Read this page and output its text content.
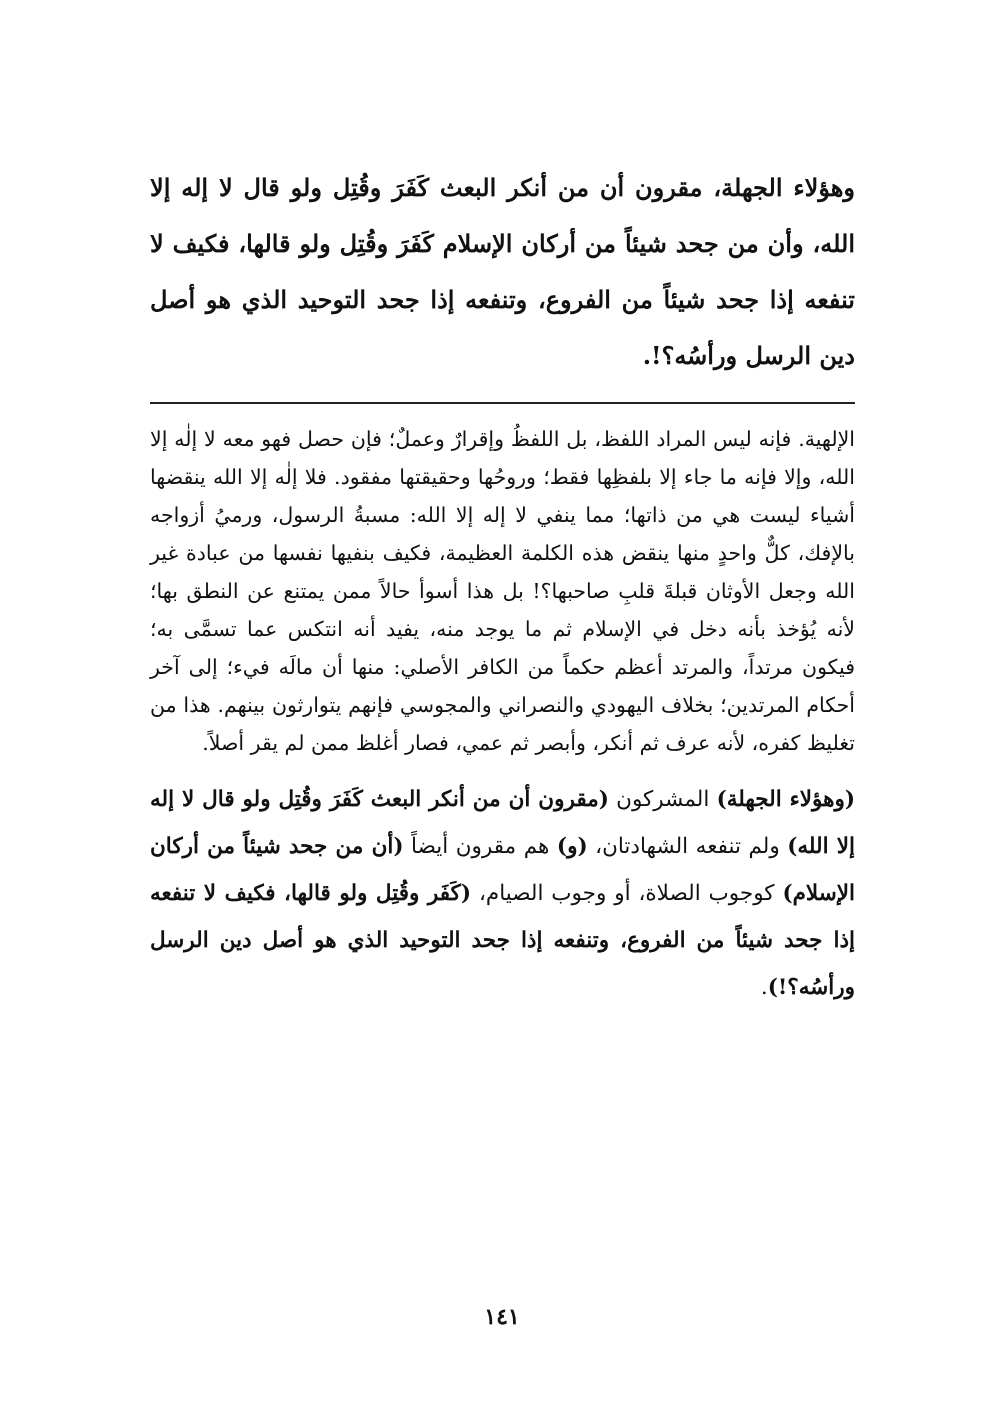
وهؤلاء الجهلة، مقرون أن من أنكر البعث كَفَرَ وقُتِل ولو قال لا إله إلا الله، وأن من جحد شيئاً من أركان الإسلام كَفَرَ وقُتِل ولو قالها، فكيف لا تنفعه إذا جحد شيئاً من الفروع، وتنفعه إذا جحد التوحيد الذي هو أصل دين الرسل ورأسُه؟!.

الإلهية. فإنه ليس المراد اللفظ، بل اللفظُ وإقرارٌ وعملٌ؛ فإن حصل فهو معه لا إلٰه إلا الله، وإلا فإنه ما جاء إلا بلفظِها فقط؛ وروحُها وحقيقتها مفقود. فلا إلٰه إلا الله ينقضها أشياء ليست هي من ذاتها؛ مما ينفي لا إله إلا الله: مسبةُ الرسول، ورميُ أزواجه بالإفك، كلٌّ واحدٍ منها ينقض هذه الكلمة العظيمة، فكيف بنفيها نفسها من عبادة غير الله وجعل الأوثان قبلةَ قلبِ صاحبها؟! بل هذا أسوأ حالاً ممن يمتنع عن النطق بها؛ لأنه يُؤخذ بأنه دخل في الإسلام ثم ما يوجد منه، يفيد أنه انتكس عما تسمَّى به؛ فيكون مرتداً، والمرتد أعظم حكماً من الكافر الأصلي: منها أن مالَه فيء؛ إلى آخر أحكام المرتدين؛ بخلاف اليهودي والنصراني والمجوسي فإنهم يتوارثون بينهم. هذا من تغليظ كفره، لأنه عرف ثم أنكر، وأبصر ثم عمي، فصار أغلظ ممن لم يقر أصلاً.

(وهؤلاء الجهلة) المشركون (مقرون أن من أنكر البعث كَفَرَ وقُتِل ولو قال لا إله إلا الله) ولم تنفعه الشهادتان، (و) هم مقرون أيضاً (أن من جحد شيئاً من أركان الإسلام) كوجوب الصلاة، أو وجوب الصيام، (كَفَر وقُتِل ولو قالها، فكيف لا تنفعه إذا جحد شيئاً من الفروع، وتنفعه إذا جحد التوحيد الذي هو أصل دين الرسل ورأسُه؟!).

١٤١
